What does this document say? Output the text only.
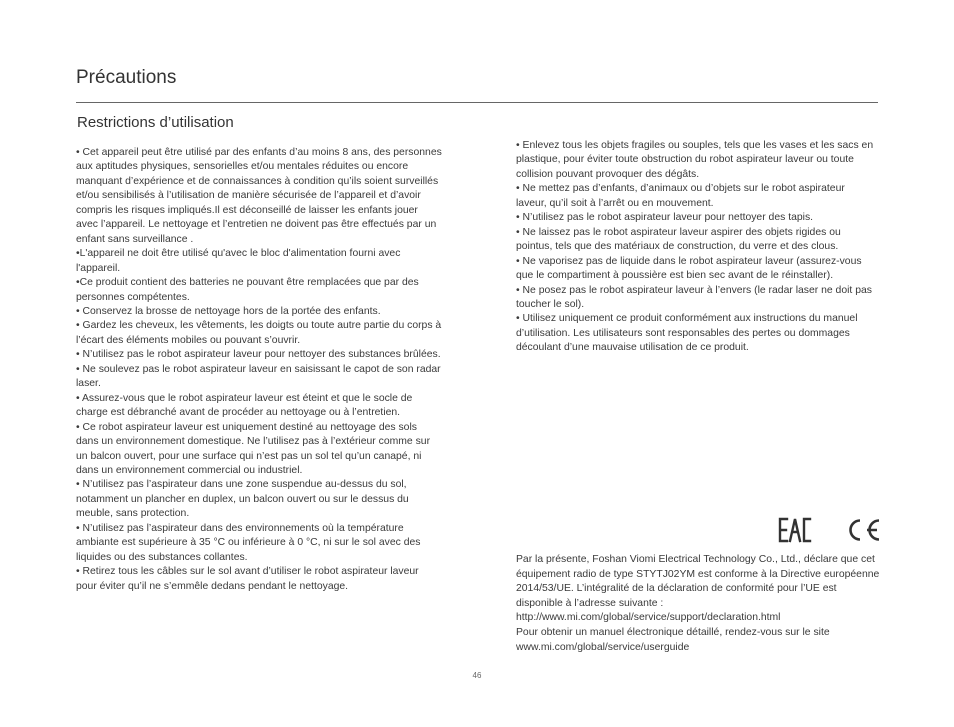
Précautions
Restrictions d’utilisation

• Cet appareil peut être utilisé par des enfants d’au moins 8 ans, des personnes aux aptitudes physiques, sensorielles et/ou mentales réduites ou encore manquant d’expérience et de connaissances à condition qu’ils soient surveillés et/ou sensibilisés à l’utilisation de manière sécurisée de l’appareil et d’avoir compris les risques impliqués.Il est déconseillé de laisser les enfants jouer avec l’appareil. Le nettoyage et l’entretien ne doivent pas être effectués par un enfant sans surveillance .

•L'appareil ne doit être utilisé qu'avec le bloc d'alimentation fourni avec l'appareil.

•Ce produit contient des batteries ne pouvant être remplacées que par des personnes compétentes.

• Conservez la brosse de nettoyage hors de la portée des enfants.

• Gardez les cheveux, les vêtements, les doigts ou toute autre partie du corps à l’écart des éléments mobiles ou pouvant s’ouvrir.

• N’utilisez pas le robot aspirateur laveur pour nettoyer des substances brûlées.

• Ne soulevez pas le robot aspirateur laveur en saisissant le capot de son radar laser.

• Assurez-vous que le robot aspirateur laveur est éteint et que le socle de charge est débranché avant de procéder au nettoyage ou à l’entretien.

• Ce robot aspirateur laveur est uniquement destiné au nettoyage des sols dans un environnement domestique. Ne l’utilisez pas à l’extérieur comme sur un balcon ouvert, pour une surface qui n’est pas un sol tel qu’un canapé, ni dans un environnement commercial ou industriel.

• N’utilisez pas l’aspirateur dans une zone suspendue au-dessus du sol, notamment un plancher en duplex, un balcon ouvert ou sur le dessus du meuble, sans protection.

• N’utilisez pas l’aspirateur dans des environnements où la température ambiante est supérieure à 35 °C ou inférieure à 0 °C, ni sur le sol avec des liquides ou des substances collantes.

• Retirez tous les câbles sur le sol avant d’utiliser le robot aspirateur laveur pour éviter qu’il ne s’emmêle dedans pendant le nettoyage.

• Enlevez tous les objets fragiles ou souples, tels que les vases et les sacs en plastique, pour éviter toute obstruction du robot aspirateur laveur ou toute collision pouvant provoquer des dégâts.

• Ne mettez pas d’enfants, d’animaux ou d’objets sur le robot aspirateur laveur, qu’il soit à l’arrêt ou en mouvement.

• N’utilisez pas le robot aspirateur laveur pour nettoyer des tapis.

• Ne laissez pas le robot aspirateur laveur aspirer des objets rigides ou pointus, tels que des matériaux de construction, du verre et des clous.

• Ne vaporisez pas de liquide dans le robot aspirateur laveur (assurez-vous que le compartiment à poussière est bien sec avant de le réinstaller).

• Ne posez pas le robot aspirateur laveur à l’envers (le radar laser ne doit pas toucher le sol).

• Utilisez uniquement ce produit conformément aux instructions du manuel d’utilisation. Les utilisateurs sont responsables des pertes ou dommages découlant d’une mauvaise utilisation de ce produit.

Par la présente, Foshan Viomi Electrical Technology Co., Ltd., déclare que cet équipement radio de type STYTJ02YM est conforme à la Directive européenne 2014/53/UE. L’intégralité de la déclaration de conformité pour l’UE est disponible à l’adresse suivante : http://www.mi.com/global/service/support/declaration.html

Pour obtenir un manuel électronique détaillé, rendez-vous sur le site www.mi.com/global/service/userguide

46
